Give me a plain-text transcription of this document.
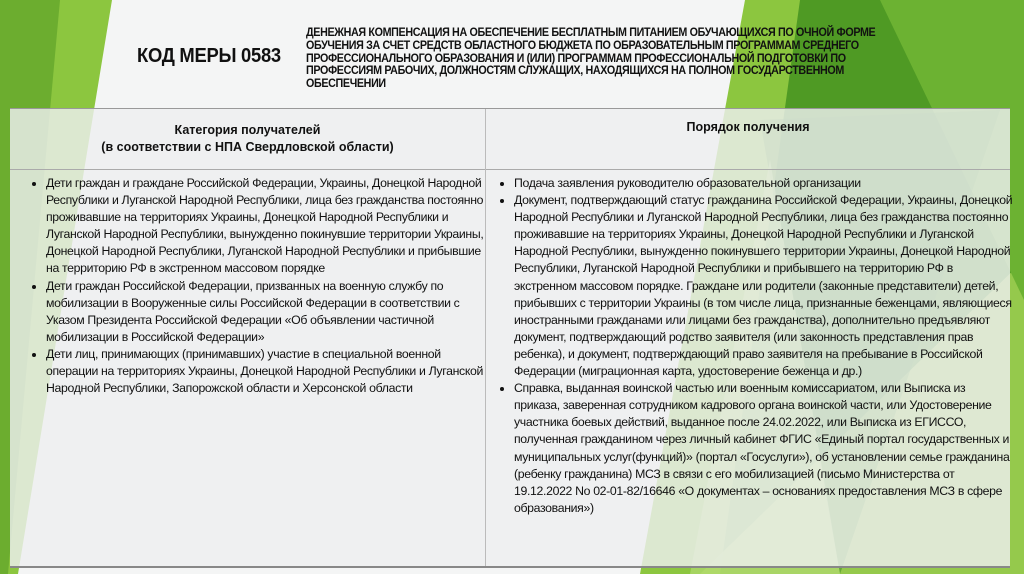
КОД МЕРЫ 0583
ДЕНЕЖНАЯ КОМПЕНСАЦИЯ НА ОБЕСПЕЧЕНИЕ БЕСПЛАТНЫМ ПИТАНИЕМ ОБУЧАЮЩИХСЯ ПО ОЧНОЙ ФОРМЕ ОБУЧЕНИЯ ЗА СЧЕТ СРЕДСТВ ОБЛАСТНОГО БЮДЖЕТА ПО ОБРАЗОВАТЕЛЬНЫМ ПРОГРАММАМ СРЕДНЕГО ПРОФЕССИОНАЛЬНОГО ОБРАЗОВАНИЯ И (ИЛИ) ПРОГРАММАМ ПРОФЕССИОНАЛЬНОЙ ПОДГОТОВКИ ПО ПРОФЕССИЯМ РАБОЧИХ, ДОЛЖНОСТЯМ СЛУЖАЩИХ, НАХОДЯЩИХСЯ НА ПОЛНОМ ГОСУДАРСТВЕННОМ ОБЕСПЕЧЕНИИ
Категория получателей
(в соответствии с НПА Свердловской области)
Порядок получения
• Дети граждан и граждане Российской Федерации, Украины, Донецкой Народной Республики и Луганской Народной Республики, лица без гражданства постоянно проживавшие на территориях Украины, Донецкой Народной Республики и Луганской Народной Республики, вынужденно покинувшие территории Украины, Донецкой Народной Республики, Луганской Народной Республики и прибывшие на территорию РФ в экстренном массовом порядке
• Дети граждан Российской Федерации, призванных на военную службу по мобилизации в Вооруженные силы Российской Федерации в соответствии с Указом Президента Российской Федерации «Об объявлении частичной мобилизации в Российской Федерации»
• Дети лиц, принимающих (принимавших) участие в специальной военной операции на территориях Украины, Донецкой Народной Республики и Луганской Народной Республики, Запорожской области и Херсонской области
• Подача заявления руководителю образовательной организации
• Документ, подтверждающий статус гражданина Российской Федерации, Украины, Донецкой Народной Республики и Луганской Народной Республики, лица без гражданства постоянно проживавшие на территориях Украины, Донецкой Народной Республики и Луганской Народной Республики, вынужденно покинувшего территории Украины, Донецкой Народной Республики, Луганской Народной Республики и прибывшего на территорию РФ в экстренном массовом порядке. Граждане или родители (законные представители) детей, прибывших с территории Украины (в том числе лица, признанные беженцами, являющиеся иностранными гражданами или лицами без гражданства), дополнительно предъявляют документ, подтверждающий родство заявителя (или законность представления прав ребенка), и документ, подтверждающий право заявителя на пребывание в Российской Федерации (миграционная карта, удостоверение беженца и др.)
• Справка, выданная воинской частью или военным комиссариатом, или Выписка из приказа, заверенная сотрудником кадрового органа воинской части, или Удостоверение участника боевых действий, выданное после 24.02.2022, или Выписка из ЕГИССО, полученная гражданином через личный кабинет ФГИС «Единый портал государственных и муниципальных услуг(функций)» (портал «Госуслуги»), об установлении семье гражданина (ребенку гражданина) МСЗ в связи с его мобилизацией (письмо Министерства от 19.12.2022 No 02-01-82/16646 «О документах – основаниях предоставления МСЗ в сфере образования»)
